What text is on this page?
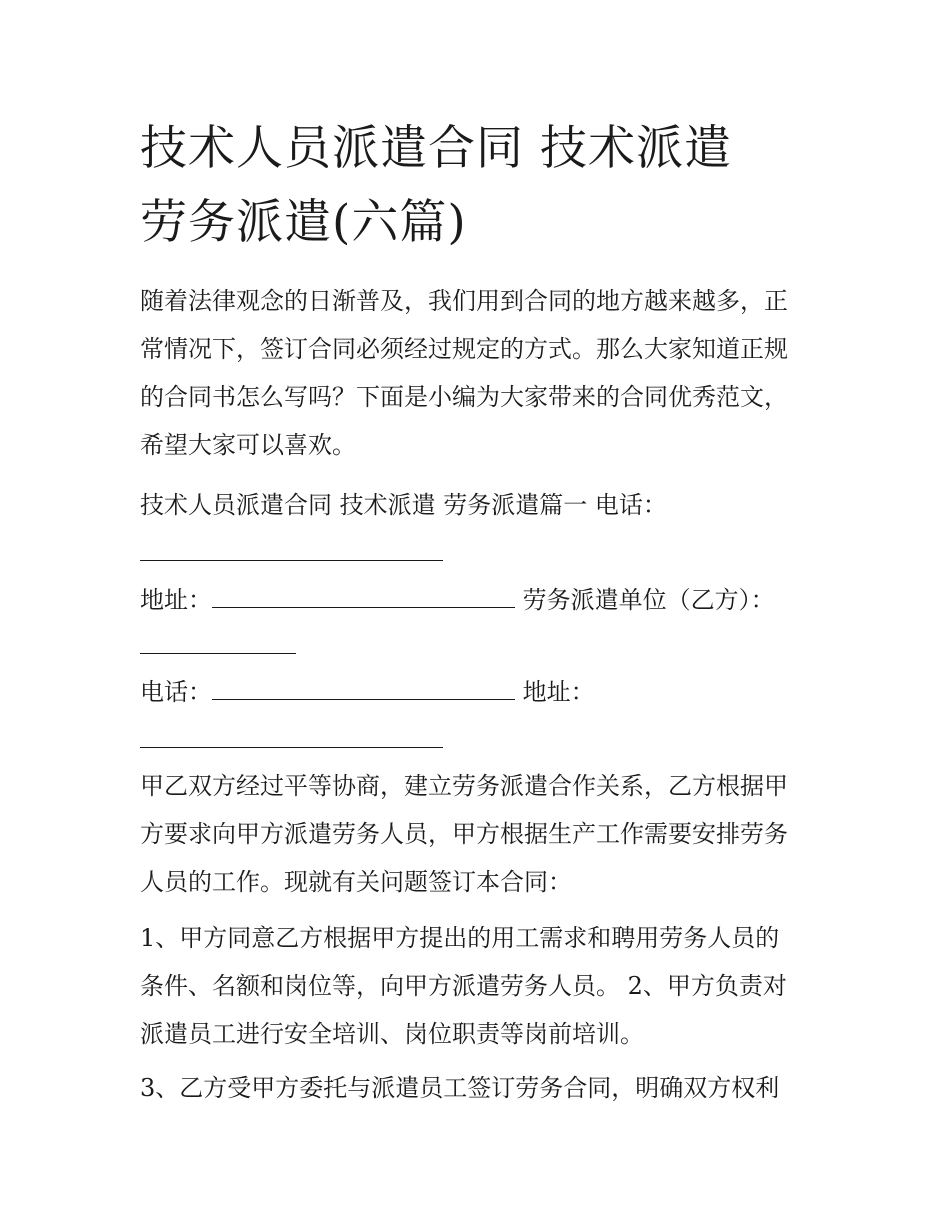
技术人员派遣合同 技术派遣
劳务派遣(六篇)
随着法律观念的日渐普及，我们用到合同的地方越来越多，正
常情况下，签订合同必须经过规定的方式。那么大家知道正规
的合同书怎么写吗？下面是小编为大家带来的合同优秀范文，
希望大家可以喜欢。
技术人员派遣合同 技术派遣 劳务派遣篇一 电话：
地址：	劳务派遣单位（乙方）：
电话：	地址：
甲乙双方经过平等协商，建立劳务派遣合作关系，乙方根据甲
方要求向甲方派遣劳务人员，甲方根据生产工作需要安排劳务
人员的工作。现就有关问题签订本合同：
1、甲方同意乙方根据甲方提出的用工需求和聘用劳务人员的
条件、名额和岗位等，向甲方派遣劳务人员。 2、甲方负责对
派遣员工进行安全培训、岗位职责等岗前培训。
3、乙方受甲方委托与派遣员工签订劳务合同，明确双方权利
